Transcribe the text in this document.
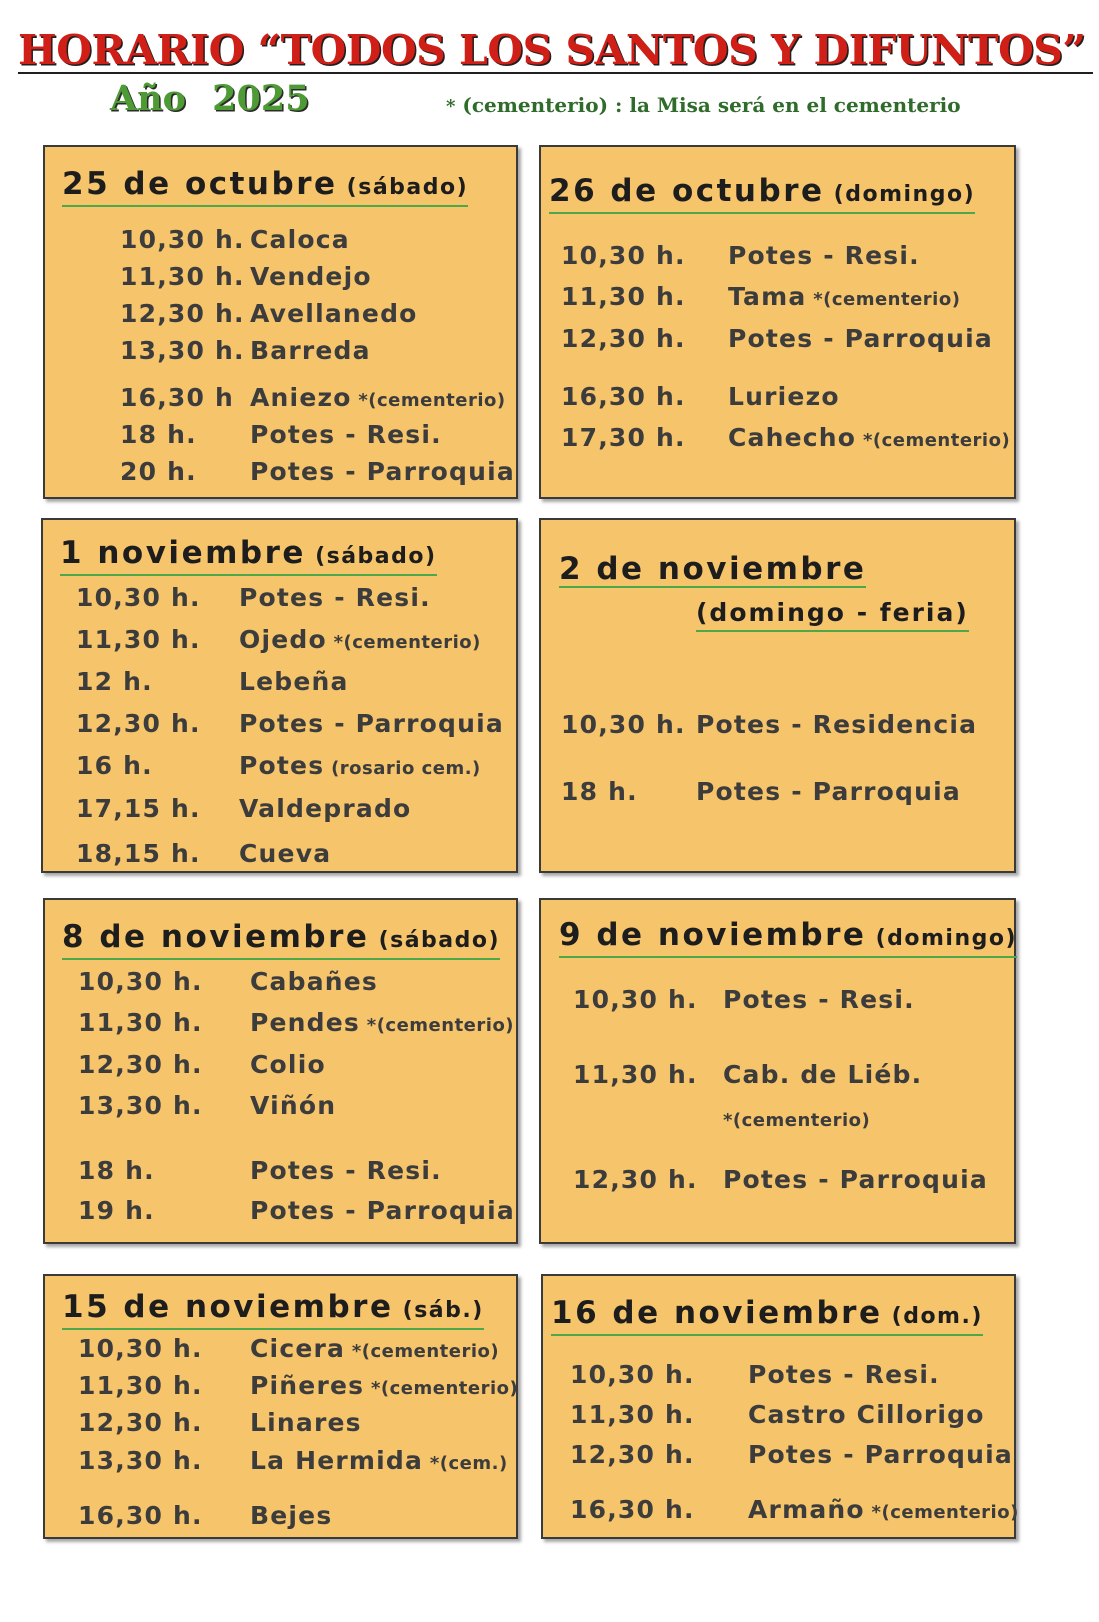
HORARIO “TODOS LOS SANTOS Y DIFUNTOS”
Año 2025	* (cementerio) : la Misa será en el cementerio
25 de octubre (sábado)
10,30 h. Caloca
11,30 h. Vendejo
12,30 h. Avellanedo
13,30 h. Barreda
16,30 h Aniezo *(cementerio)
18 h. Potes - Resi.
20 h. Potes - Parroquia
26 de octubre (domingo)
10,30 h. Potes - Resi.
11,30 h. Tama *(cementerio)
12,30 h. Potes - Parroquia
16,30 h. Luriezo
17,30 h. Cahecho *(cementerio)
1 noviembre (sábado)
10,30 h. Potes - Resi.
11,30 h. Ojedo *(cementerio)
12 h.	Lebeña
12,30 h. Potes - Parroquia
16 h.	Potes (rosario cem.)
17,15 h. Valdeprado
18,15 h. Cueva
2 de noviembre
(domingo - feria)
10,30 h. Potes - Residencia
18 h. Potes - Parroquia
8 de noviembre (sábado)
10,30 h. Cabañes
11,30 h. Pendes *(cementerio)
12,30 h. Colio
13,30 h. Viñón
18 h.	Potes - Resi.
19 h.	Potes - Parroquia
9 de noviembre (domingo)
10,30 h. Potes - Resi.
11,30 h. Cab. de Liéb.
*(cementerio)
12,30 h. Potes - Parroquia
15 de noviembre (sáb.)
10,30 h. Cicera *(cementerio)
11,30 h. Piñeres *(cementerio)
12,30 h. Linares
13,30 h. La Hermida *(cem.)
16,30 h. Bejes
16 de noviembre (dom.)
10,30 h. Potes - Resi.
11,30 h. Castro Cillorigo
12,30 h. Potes - Parroquia
16,30 h. Armaño *(cementerio)
